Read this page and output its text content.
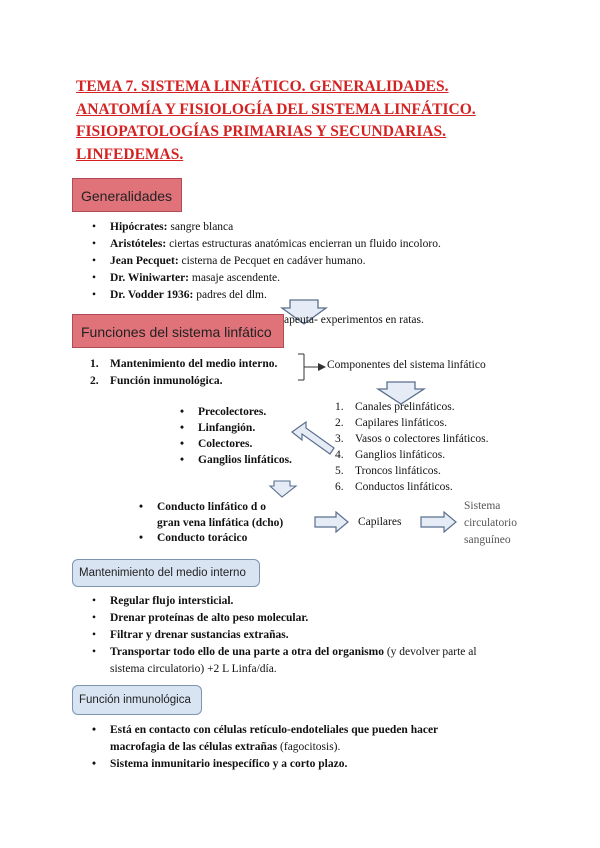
TEMA 7. SISTEMA LINFÁTICO. GENERALIDADES.
ANATOMÍA Y FISIOLOGÍA DEL SISTEMA LINFÁTICO.
FISIOPATOLOGÍAS PRIMARIAS Y SECUNDARIAS.
LINFEDEMAS.
Generalidades
• Hipócrates: sangre blanca
• Aristóteles: ciertas estructuras anatómicas encierran un fluido incoloro.
• Jean Pecquet: cisterna de Pecquet en cadáver humano.
• Dr. Winiwarter: masaje ascendente.
• Dr. Vodder 1936: padres del dlm.
Funciones del sistema linfático
apeuta- experimentos en ratas.
1. Mantenimiento del medio interno.
2. Función inmunológica.
Componentes del sistema linfático
1. Canales prelinfáticos.
2. Capilares linfáticos.
3. Vasos o colectores linfáticos.
4. Ganglios linfáticos.
5. Troncos linfáticos.
6. Conductos linfáticos.
• Precolectores.
• Linfangión.
• Colectores.
• Ganglios linfáticos.
• Conducto linfático d o
gran vena linfática (dcho)
• Conducto torácico
Capilares
Sistema
circulatorio
sanguíneo
Mantenimiento del medio interno
• Regular flujo intersticial.
• Drenar proteínas de alto peso molecular.
• Filtrar y drenar sustancias extrañas.
• Transportar todo ello de una parte a otra del organismo (y devolver parte al
sistema circulatorio) +2 L Linfa/día.
Función inmunológica
• Está en contacto con células retículo-endoteliales que pueden hacer
macrofagia de las células extrañas (fagocitosis).
• Sistema inmunitario inespecífico y a corto plazo.
